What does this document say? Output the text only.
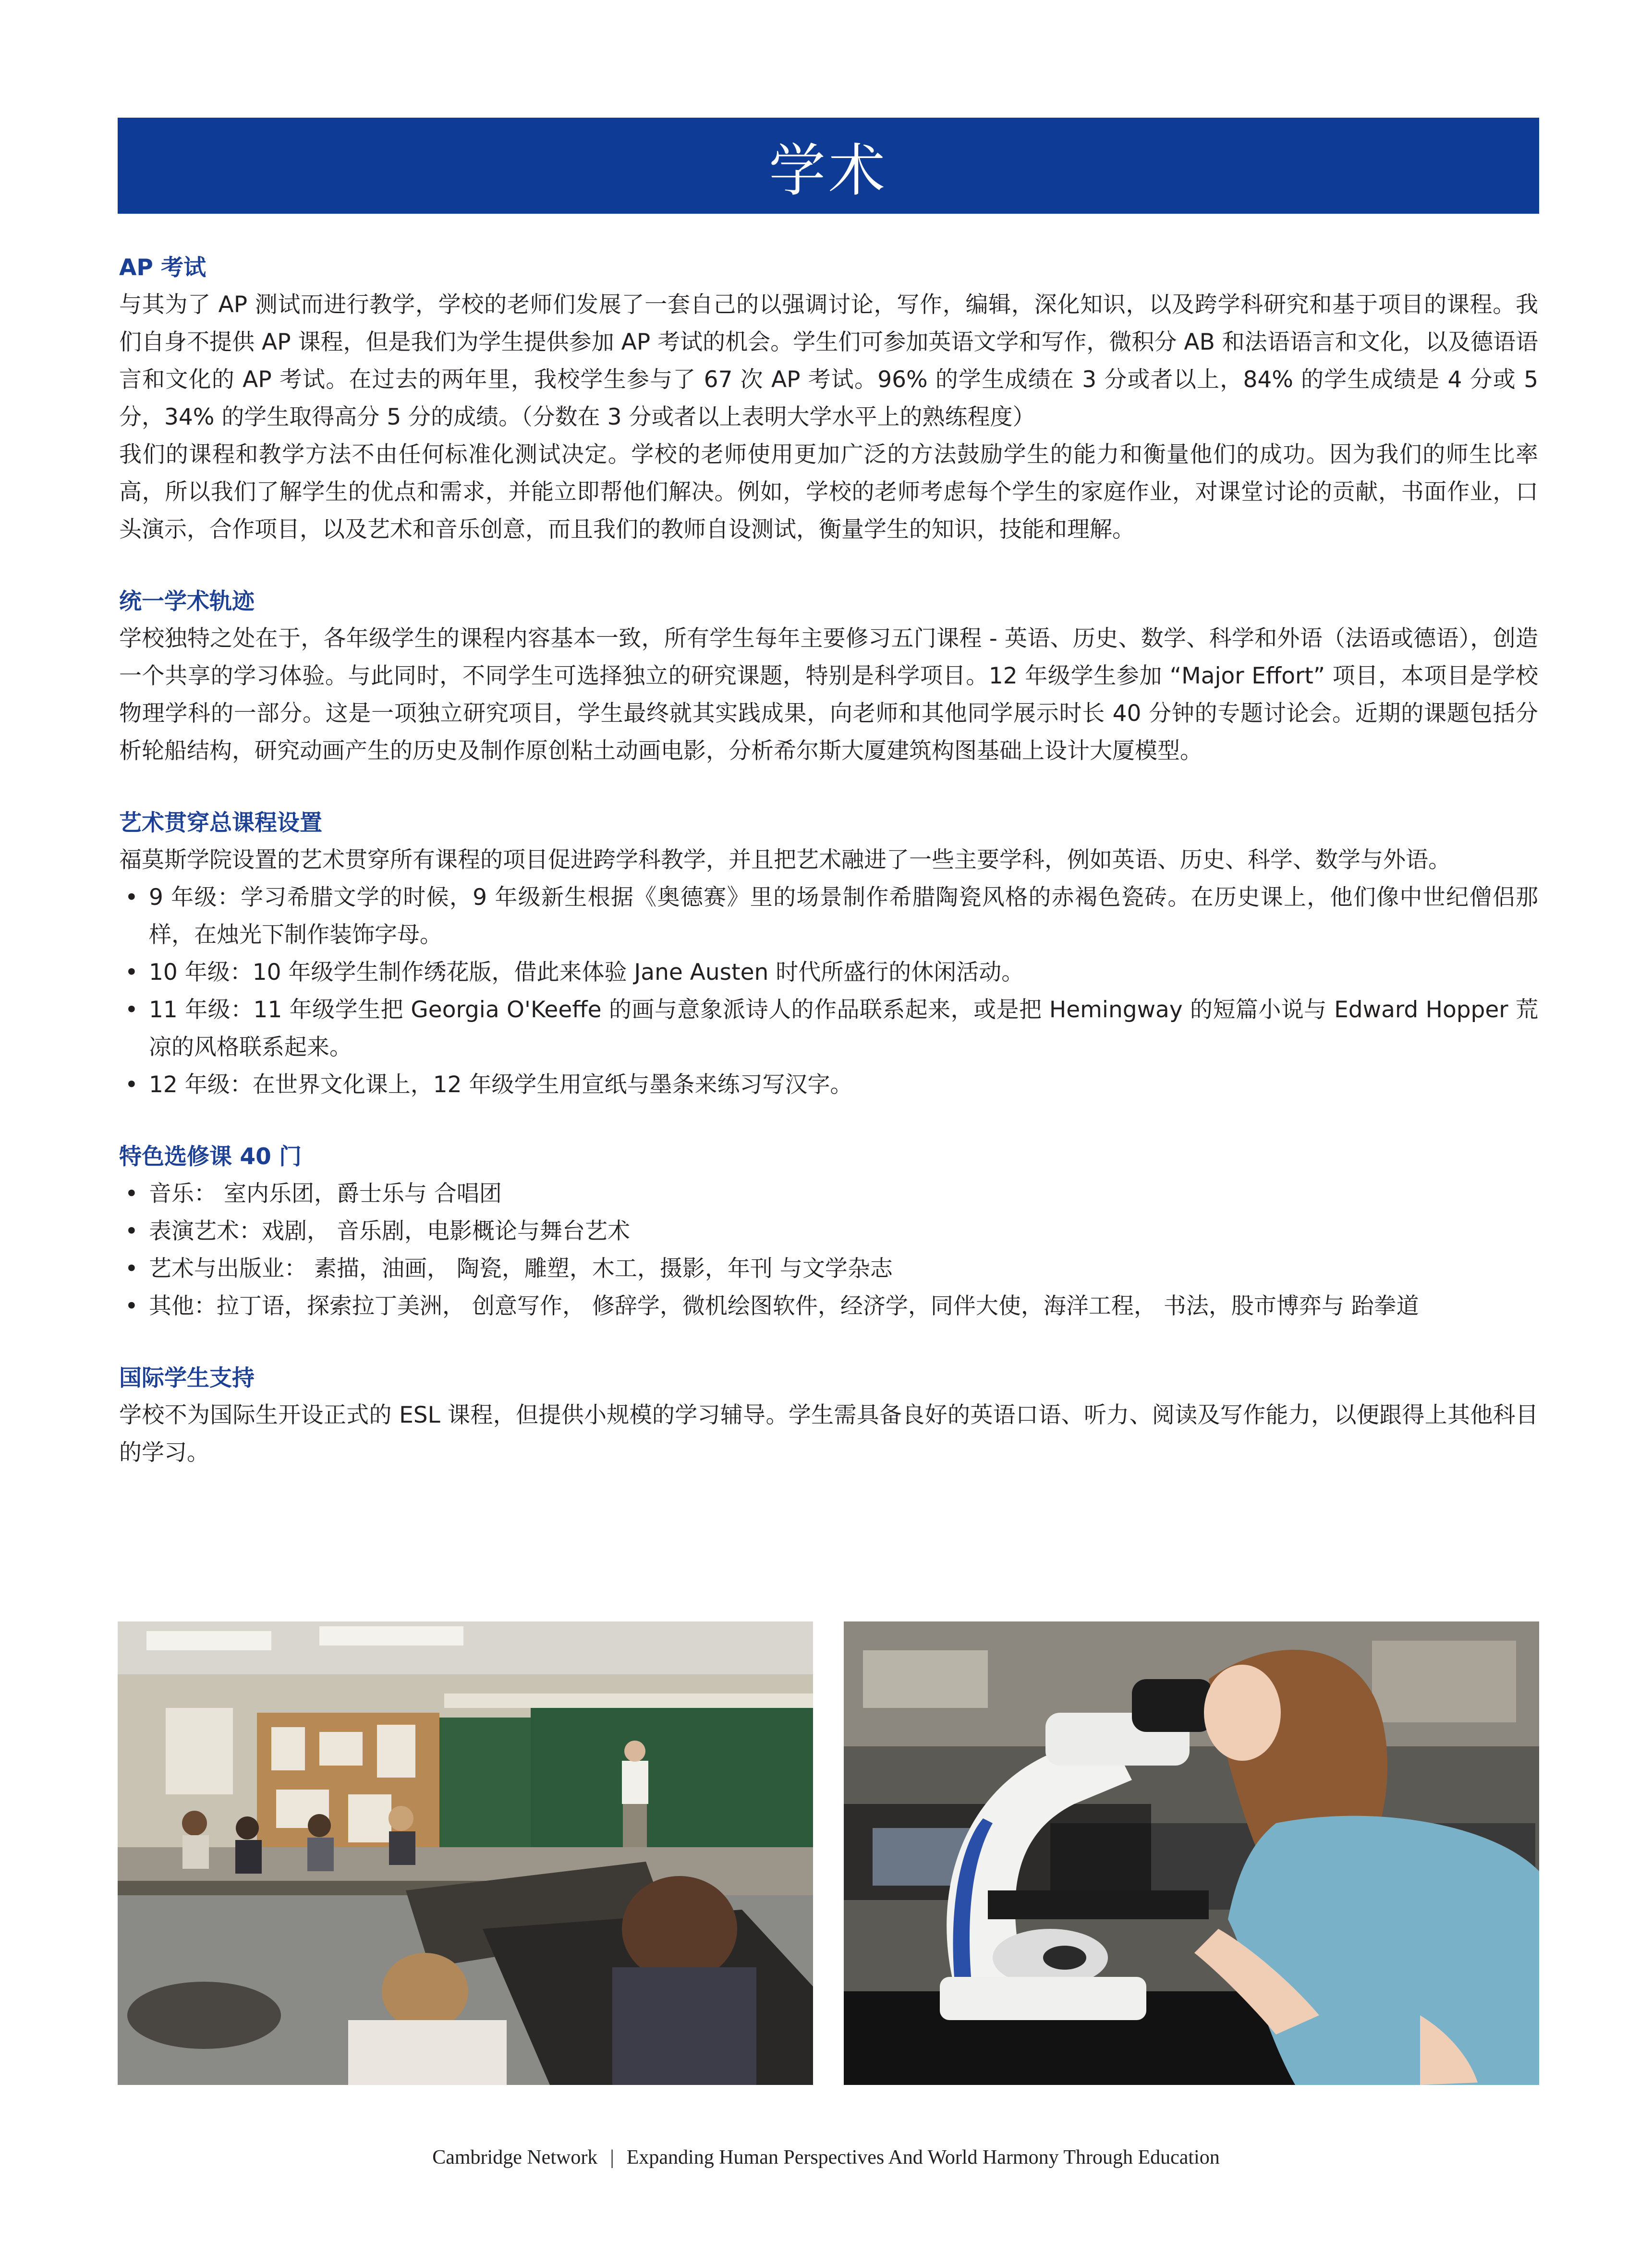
学术

AP 考试

与其为了 AP 测试而进行教学，学校的老师们发展了一套自己的以强调讨论，写作，编辑，深化知识，以及跨学科研究和基于项目的课程。我们自身不提供 AP 课程，但是我们为学生提供参加 AP 考试的机会。学生们可参加英语文学和写作，微积分 AB 和法语语言和文化，以及德语语言和文化的 AP 考试。在过去的两年里，我校学生参与了 67 次 AP 考试。96% 的学生成绩在 3 分或者以上，84% 的学生成绩是 4 分或 5 分，34% 的学生取得高分 5 分的成绩。（分数在 3 分或者以上表明大学水平上的熟练程度）

我们的课程和教学方法不由任何标准化测试决定。学校的老师使用更加广泛的方法鼓励学生的能力和衡量他们的成功。因为我们的师生比率高，所以我们了解学生的优点和需求，并能立即帮他们解决。例如，学校的老师考虑每个学生的家庭作业，对课堂讨论的贡献，书面作业，口头演示，合作项目，以及艺术和音乐创意，而且我们的教师自设测试，衡量学生的知识，技能和理解。

统一学术轨迹

学校独特之处在于，各年级学生的课程内容基本一致，所有学生每年主要修习五门课程 - 英语、历史、数学、科学和外语（法语或德语），创造一个共享的学习体验。与此同时，不同学生可选择独立的研究课题，特别是科学项目。12 年级学生参加 “Major Effort” 项目，本项目是学校物理学科的一部分。这是一项独立研究项目，学生最终就其实践成果，向老师和其他同学展示时长 40 分钟的专题讨论会。近期的课题包括分析轮船结构，研究动画产生的历史及制作原创粘土动画电影，分析希尔斯大厦建筑构图基础上设计大厦模型。

艺术贯穿总课程设置

福莫斯学院设置的艺术贯穿所有课程的项目促进跨学科教学，并且把艺术融进了一些主要学科，例如英语、历史、科学、数学与外语。

• 9 年级：学习希腊文学的时候，9 年级新生根据《奥德赛》里的场景制作希腊陶瓷风格的赤褐色瓷砖。在历史课上，他们像中世纪僧侣那样，在烛光下制作装饰字母。
• 10 年级：10 年级学生制作绣花版，借此来体验 Jane Austen 时代所盛行的休闲活动。
• 11 年级：11 年级学生把 Georgia O'Keeffe 的画与意象派诗人的作品联系起来，或是把 Hemingway 的短篇小说与 Edward Hopper 荒凉的风格联系起来。
• 12 年级：在世界文化课上，12 年级学生用宣纸与墨条来练习写汉字。

特色选修课 40 门

• 音乐： 室内乐团，爵士乐与 合唱团
• 表演艺术：戏剧， 音乐剧，电影概论与舞台艺术
• 艺术与出版业： 素描，油画， 陶瓷，雕塑，木工，摄影，年刊 与文学杂志
• 其他：拉丁语，探索拉丁美洲， 创意写作， 修辞学，微机绘图软件，经济学，同伴大使，海洋工程， 书法，股市博弈与 跆拳道

国际学生支持

学校不为国际生开设正式的 ESL 课程，但提供小规模的学习辅导。学生需具备良好的英语口语、听力、阅读及写作能力，以便跟得上其他科目的学习。

Cambridge Network | Expanding Human Perspectives And World Harmony Through Education
